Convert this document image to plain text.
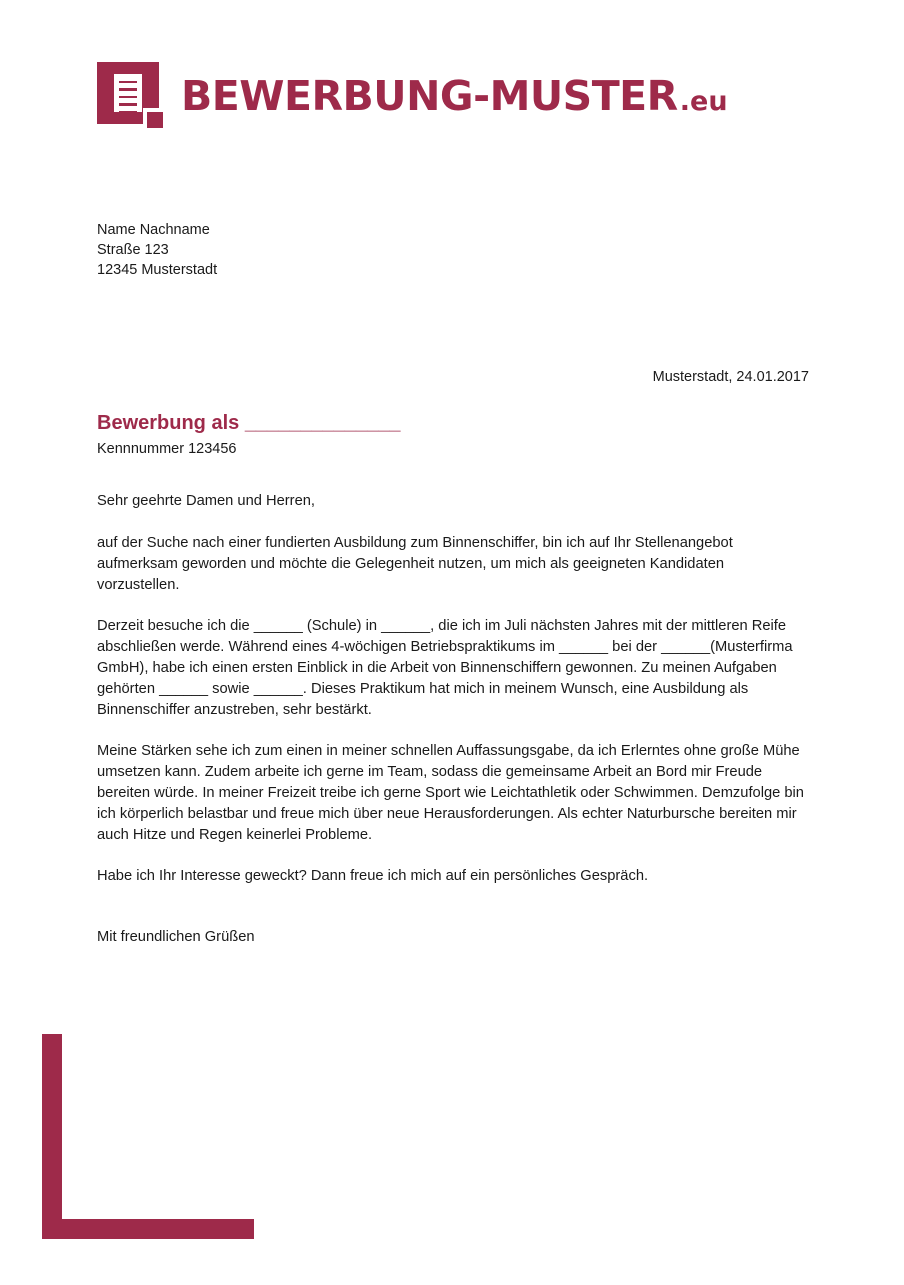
BEWERBUNG-MUSTER .eu
Name Nachname
Straße 123
12345 Musterstadt
Musterstadt, 24.01.2017
Bewerbung als ______________
Kennnummer 123456

Sehr geehrte Damen und Herren,

auf der Suche nach einer fundierten Ausbildung zum Binnenschiffer, bin ich auf Ihr Stellenangebot aufmerksam geworden und möchte die Gelegenheit nutzen, um mich als geeigneten Kandidaten vorzustellen.

Derzeit besuche ich die ______ (Schule) in ______, die ich im Juli nächsten Jahres mit der mittleren Reife abschließen werde. Während eines 4-wöchigen Betriebspraktikums im ______ bei der ______(Musterfirma GmbH), habe ich einen ersten Einblick in die Arbeit von Binnenschiffern gewonnen. Zu meinen Aufgaben gehörten ______ sowie ______. Dieses Praktikum hat mich in meinem Wunsch, eine Ausbildung als Binnenschiffer anzustreben, sehr bestärkt.

Meine Stärken sehe ich zum einen in meiner schnellen Auffassungsgabe, da ich Erlerntes ohne große Mühe umsetzen kann. Zudem arbeite ich gerne im Team, sodass die gemeinsame Arbeit an Bord mir Freude bereiten würde. In meiner Freizeit treibe ich gerne Sport wie Leichtathletik oder Schwimmen. Demzufolge bin ich körperlich belastbar und freue mich über neue Herausforderungen. Als echter Naturbursche bereiten mir auch Hitze und Regen keinerlei Probleme.

Habe ich Ihr Interesse geweckt? Dann freue ich mich auf ein persönliches Gespräch.

Mit freundlichen Grüßen
